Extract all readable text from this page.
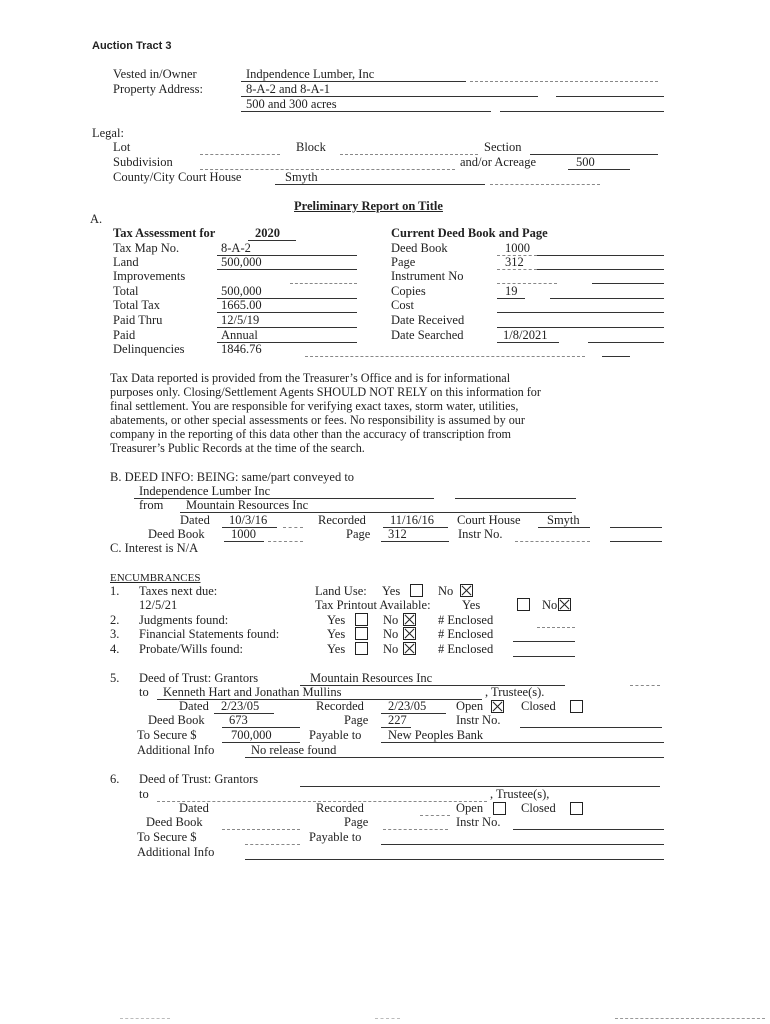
Auction Tract 3
Vested in/Owner	Indpendence Lumber, Inc
Property Address:	8-A-2 and 8-A-1
500 and 300 acres
Legal:
Lot	Block	Section
Subdivision	and/or Acreage	500
County/City Court House	Smyth
Preliminary Report on Title
A.
Tax Assessment for	2020
Tax Map No.	8-A-2
Land	500,000
Improvements
Total	500,000
Total Tax	1665.00
Paid Thru	12/5/19
Paid	Annual
Delinquencies	1846.76
Current Deed Book and Page
Deed Book	1000
Page	312
Instrument No
Copies	19
Cost
Date Received
Date Searched	1/8/2021
Tax Data reported is provided from the Treasurer’s Office and is for informational
purposes only. Closing/Settlement Agents SHOULD NOT RELY on this information for
final settlement. You are responsible for verifying exact taxes, storm water, utilities,
abatements, or other special assessments or fees. No responsibility is assumed by our
company in the reporting of this data other than the accuracy of transcription from
Treasurer’s Public Records at the time of the search.
B. DEED INFO: BEING: same/part conveyed to
Independence Lumber Inc
from Mountain Resources Inc
Dated 10/3/16	Recorded 11/16/16 Court House Smyth
Deed Book 1000	Page 312	Instr No.
C. Interest is N/A
ENCUMBRANCES
1. Taxes next due:
12/5/21
Land Use: Yes	No
Tax Printout Available:	Yes	No
2. Judgments found:	Yes	No	# Enclosed
3. Financial Statements found:	Yes	No	# Enclosed
4. Probate/Wills found:	Yes	No	# Enclosed
5. Deed of Trust: Grantors	Mountain Resources Inc
to Kenneth Hart and Jonathan Mullins	, Trustee(s).
Dated 2/23/05	Recorded 2/23/05 Open	Closed
Deed Book 673	Page 227	Instr No.
To Secure $	700,000	Payable to New Peoples Bank
Additional Info	No release found
6. Deed of Trust: Grantors
to	, Trustee(s),
Dated	Recorded	Open	Closed
Deed Book	Page	Instr No.
To Secure $	Payable to
Additional Info
